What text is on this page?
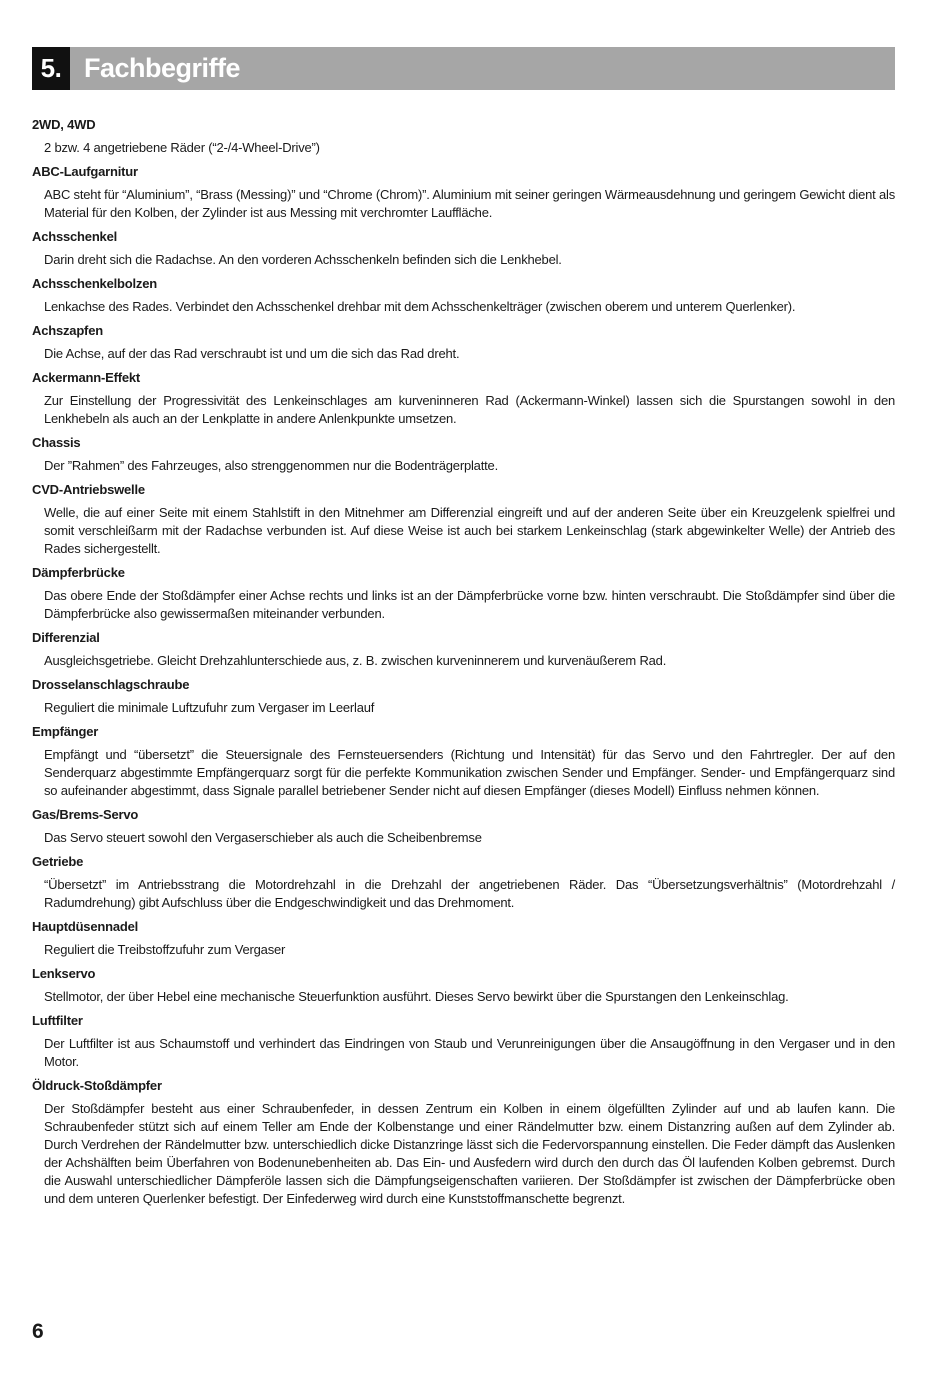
5. Fachbegriffe

2WD, 4WD

2 bzw. 4 angetriebene Räder (“2-/4-Wheel-Drive”)

ABC-Laufgarnitur

ABC steht für “Aluminium”, “Brass (Messing)” und “Chrome (Chrom)”. Aluminium mit seiner geringen Wärmeausdehnung und geringem Gewicht dient als Material für den Kolben, der Zylinder ist aus Messing mit verchromter Lauffläche.

Achsschenkel

Darin dreht sich die Radachse. An den vorderen Achsschenkeln befinden sich die Lenkhebel.

Achsschenkelbolzen

Lenkachse des Rades. Verbindet den Achsschenkel drehbar mit dem Achsschenkelträger (zwischen oberem und unterem Querlenker).

Achszapfen

Die Achse, auf der das Rad verschraubt ist und um die sich das Rad dreht.

Ackermann-Effekt

Zur Einstellung der Progressivität des Lenkeinschlages am kurveninneren Rad (Ackermann-Winkel) lassen sich die Spurstangen sowohl in den Lenkhebeln als auch an der Lenkplatte in andere Anlenkpunkte umsetzen.

Chassis

Der ”Rahmen” des Fahrzeuges, also strenggenommen nur die Bodenträgerplatte.

CVD-Antriebswelle

Welle, die auf einer Seite mit einem Stahlstift in den Mitnehmer am Differenzial eingreift und auf der anderen Seite über ein Kreuzgelenk spielfrei und somit verschleißarm mit der Radachse verbunden ist. Auf diese Weise ist auch bei starkem Lenkeinschlag (stark abgewinkelter Welle) der Antrieb des Rades sichergestellt.

Dämpferbrücke

Das obere Ende der Stoßdämpfer einer Achse rechts und links ist an der Dämpferbrücke vorne bzw. hinten verschraubt. Die Stoßdämpfer sind über die Dämpferbrücke also gewissermaßen miteinander verbunden.

Differenzial

Ausgleichsgetriebe. Gleicht Drehzahlunterschiede aus, z. B. zwischen kurveninnerem und kurvenäußerem Rad.

Drosselanschlagschraube

Reguliert die minimale Luftzufuhr zum Vergaser im Leerlauf

Empfänger

Empfängt und “übersetzt” die Steuersignale des Fernsteuersenders (Richtung und Intensität) für das Servo und den Fahrtregler. Der auf den Senderquarz abgestimmte Empfängerquarz sorgt für die perfekte Kommunikation zwischen Sender und Empfänger. Sender- und Empfängerquarz sind so aufeinander abgestimmt, dass Signale parallel betriebener Sender nicht auf diesen Empfänger (dieses Modell) Einfluss nehmen können.

Gas/Brems-Servo

Das Servo steuert sowohl den Vergaserschieber als auch die Scheibenbremse

Getriebe

“Übersetzt” im Antriebsstrang die Motordrehzahl in die Drehzahl der angetriebenen Räder. Das “Übersetzungsverhältnis” (Motordrehzahl / Radumdrehung) gibt Aufschluss über die Endgeschwindigkeit und das Drehmoment.

Hauptdüsennadel

Reguliert die Treibstoffzufuhr zum Vergaser

Lenkservo

Stellmotor, der über Hebel eine mechanische Steuerfunktion ausführt. Dieses Servo bewirkt über die Spurstangen den Lenkeinschlag.

Luftfilter

Der Luftfilter ist aus Schaumstoff und verhindert das Eindringen von Staub und Verunreinigungen über die Ansaugöffnung in den Vergaser und in den Motor.

Öldruck-Stoßdämpfer

Der Stoßdämpfer besteht aus einer Schraubenfeder, in dessen Zentrum ein Kolben in einem ölgefüllten Zylinder auf und ab laufen kann. Die Schraubenfeder stützt sich auf einem Teller am Ende der Kolbenstange und einer Rändelmutter bzw. einem Distanzring außen auf dem Zylinder ab. Durch Verdrehen der Rändelmutter bzw. unterschiedlich dicke Distanzringe lässt sich die Federvorspannung einstellen. Die Feder dämpft das Auslenken der Achshälften beim Überfahren von Bodenunebenheiten ab. Das Ein- und Ausfedern wird durch den durch das Öl laufenden Kolben gebremst. Durch die Auswahl unterschiedlicher Dämpferöle lassen sich die Dämpfungseigenschaften variieren. Der Stoßdämpfer ist zwischen der Dämpferbrücke oben und dem unteren Querlenker befestigt. Der Einfederweg wird durch eine Kunststoffmanschette begrenzt.

6
